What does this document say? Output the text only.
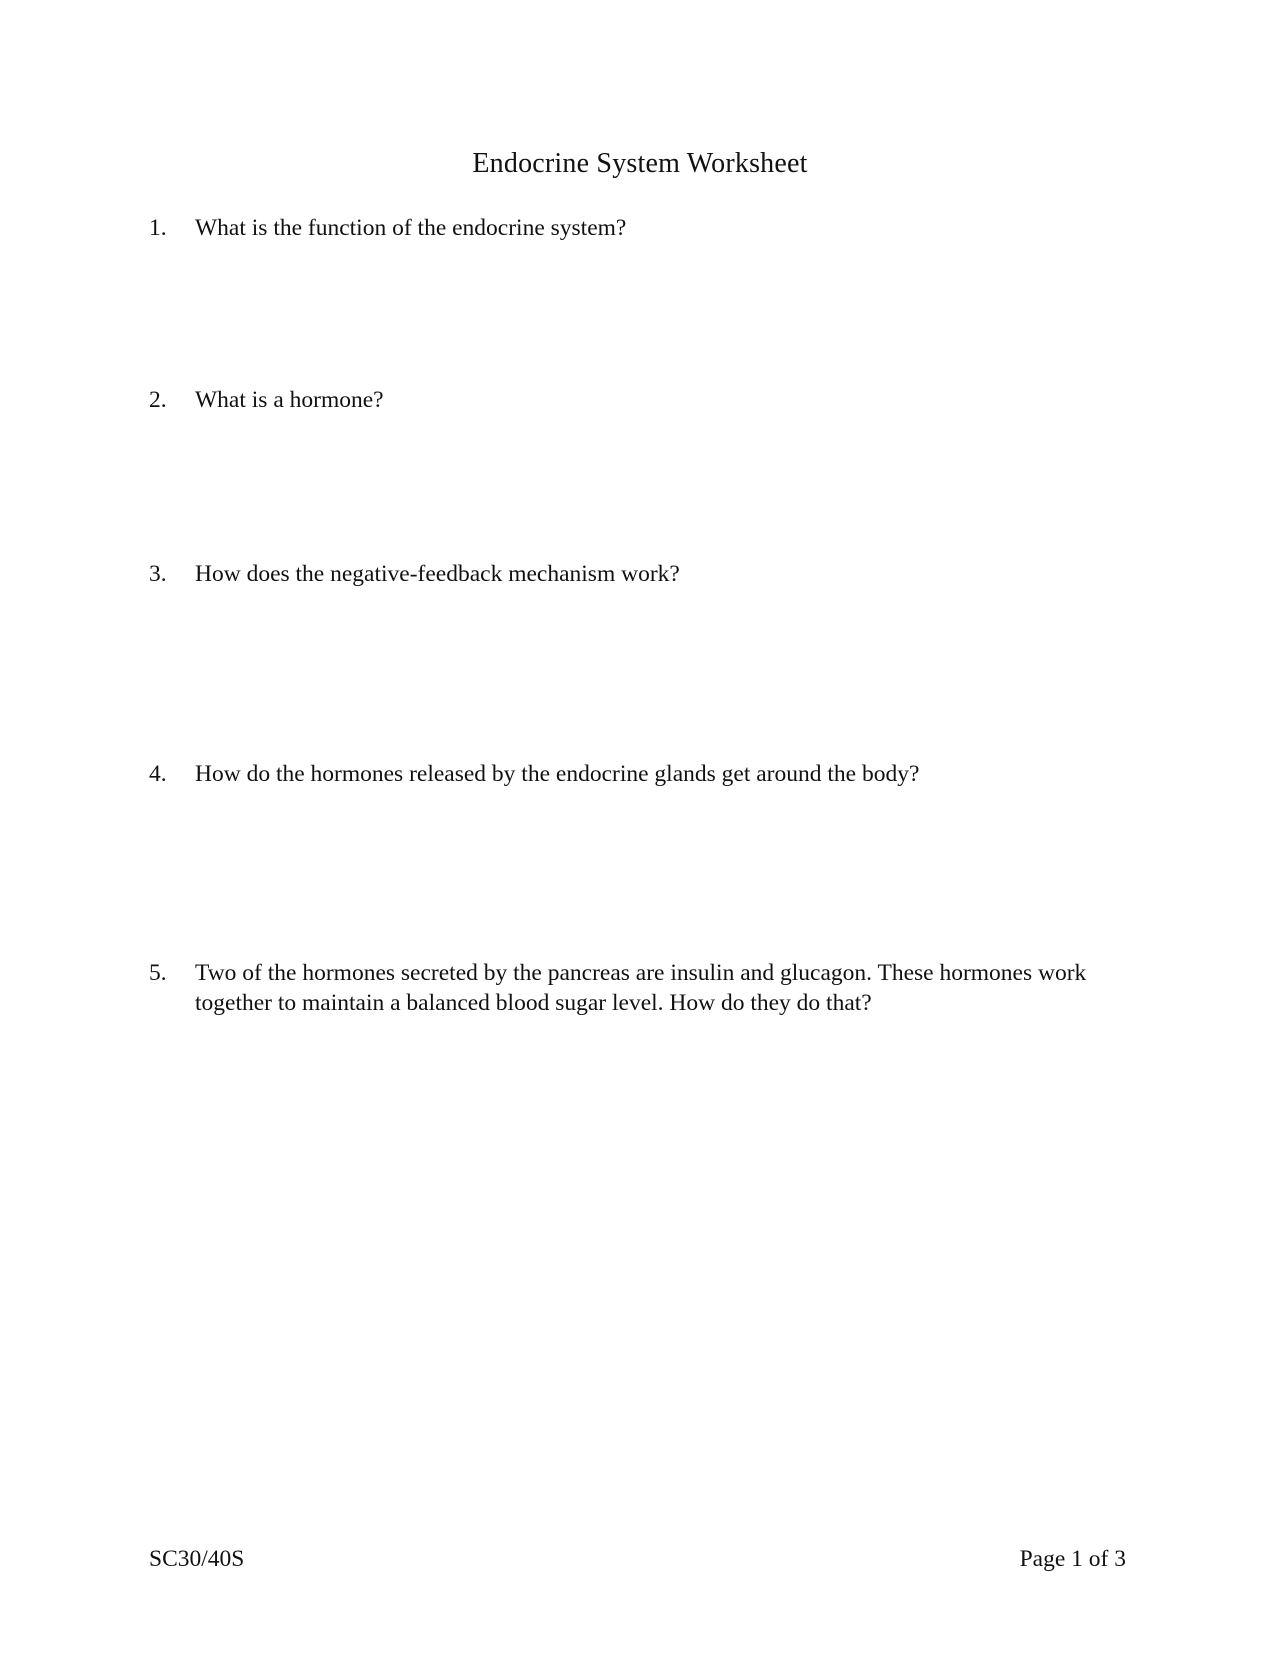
Endocrine System Worksheet
1.	What is the function of the endocrine system?
2.	What is a hormone?
3.	How does the negative-feedback mechanism work?
4.	How do the hormones released by the endocrine glands get around the body?
5.	Two of the hormones secreted by the pancreas are insulin and glucagon. These hormones work together to maintain a balanced blood sugar level. How do they do that?
SC30/40S	Page 1 of 3
